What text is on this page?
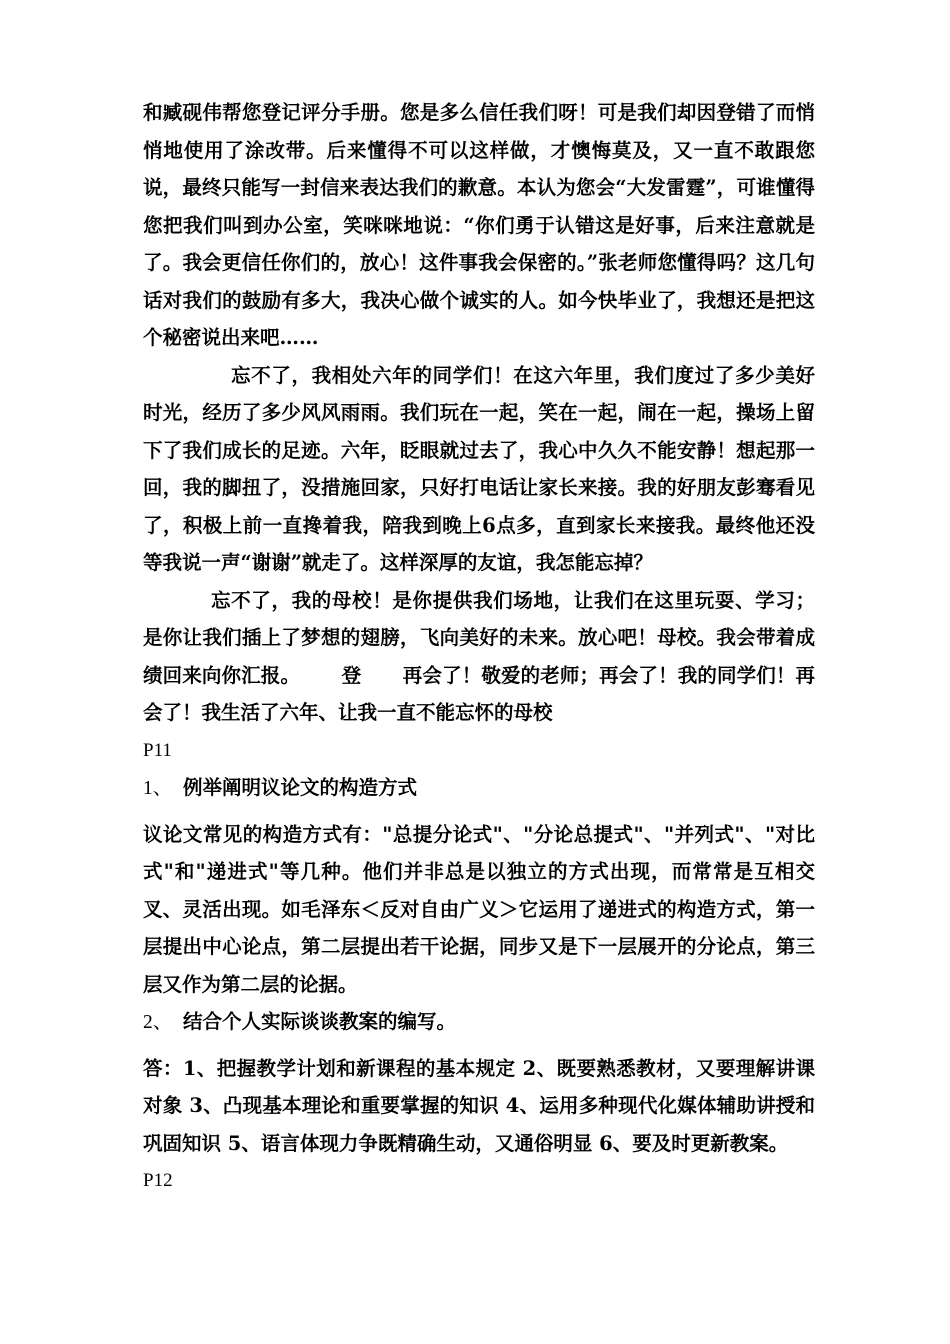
和臧砚伟帮您登记评分手册。您是多么信任我们呀！可是我们却因登错了而悄悄地使用了涂改带。后来懂得不可以这样做，才懊悔莫及，又一直不敢跟您说，最终只能写一封信来表达我们的歉意。本认为您会“大发雷霆”，可谁懂得您把我们叫到办公室，笑咪咪地说：“你们勇于认错这是好事，后来注意就是了。我会更信任你们的，放心！这件事我会保密的。”张老师您懂得吗？这几句话对我们的鼓励有多大，我决心做个诚实的人。如今快毕业了，我想还是把这个秘密说出来吧……

忘不了，我相处六年的同学们！在这六年里，我们度过了多少美好时光，经历了多少风风雨雨。我们玩在一起，笑在一起，闹在一起，操场上留下了我们成长的足迹。六年，眨眼就过去了，我心中久久不能安静！想起那一回，我的脚扭了，没措施回家，只好打电话让家长来接。我的好朋友彭骞看见了，积极上前一直搀着我，陪我到晚上6点多，直到家长来接我。最终他还没等我说一声“谢谢”就走了。这样深厚的友谊，我怎能忘掉？

忘不了，我的母校！是你提供我们场地，让我们在这里玩耍、学习；是你让我们插上了梦想的翅膀，飞向美好的未来。放心吧！母校。我会带着成绩回来向你汇报。      登      再会了！敬爱的老师；再会了！我的同学们！再会了！我生活了六年、让我一直不能忘怀的母校

P11

1、 例举阐明议论文的构造方式

议论文常见的构造方式有："总提分论式"、"分论总提式"、"并列式"、"对比式"和"递进式"等几种。他们并非总是以独立的方式出现，而常常是互相交叉、灵活出现。如毛泽东＜反对自由广义＞它运用了递进式的构造方式，第一层提出中心论点，第二层提出若干论据，同步又是下一层展开的分论点，第三层又作为第二层的论据。

2、 结合个人实际谈谈教案的编写。

答：1、把握教学计划和新课程的基本规定 2、既要熟悉教材，又要理解讲课对象 3、凸现基本理论和重要掌握的知识 4、运用多种现代化媒体辅助讲授和巩固知识 5、语言体现力争既精确生动，又通俗明显 6、要及时更新教案。

P12
